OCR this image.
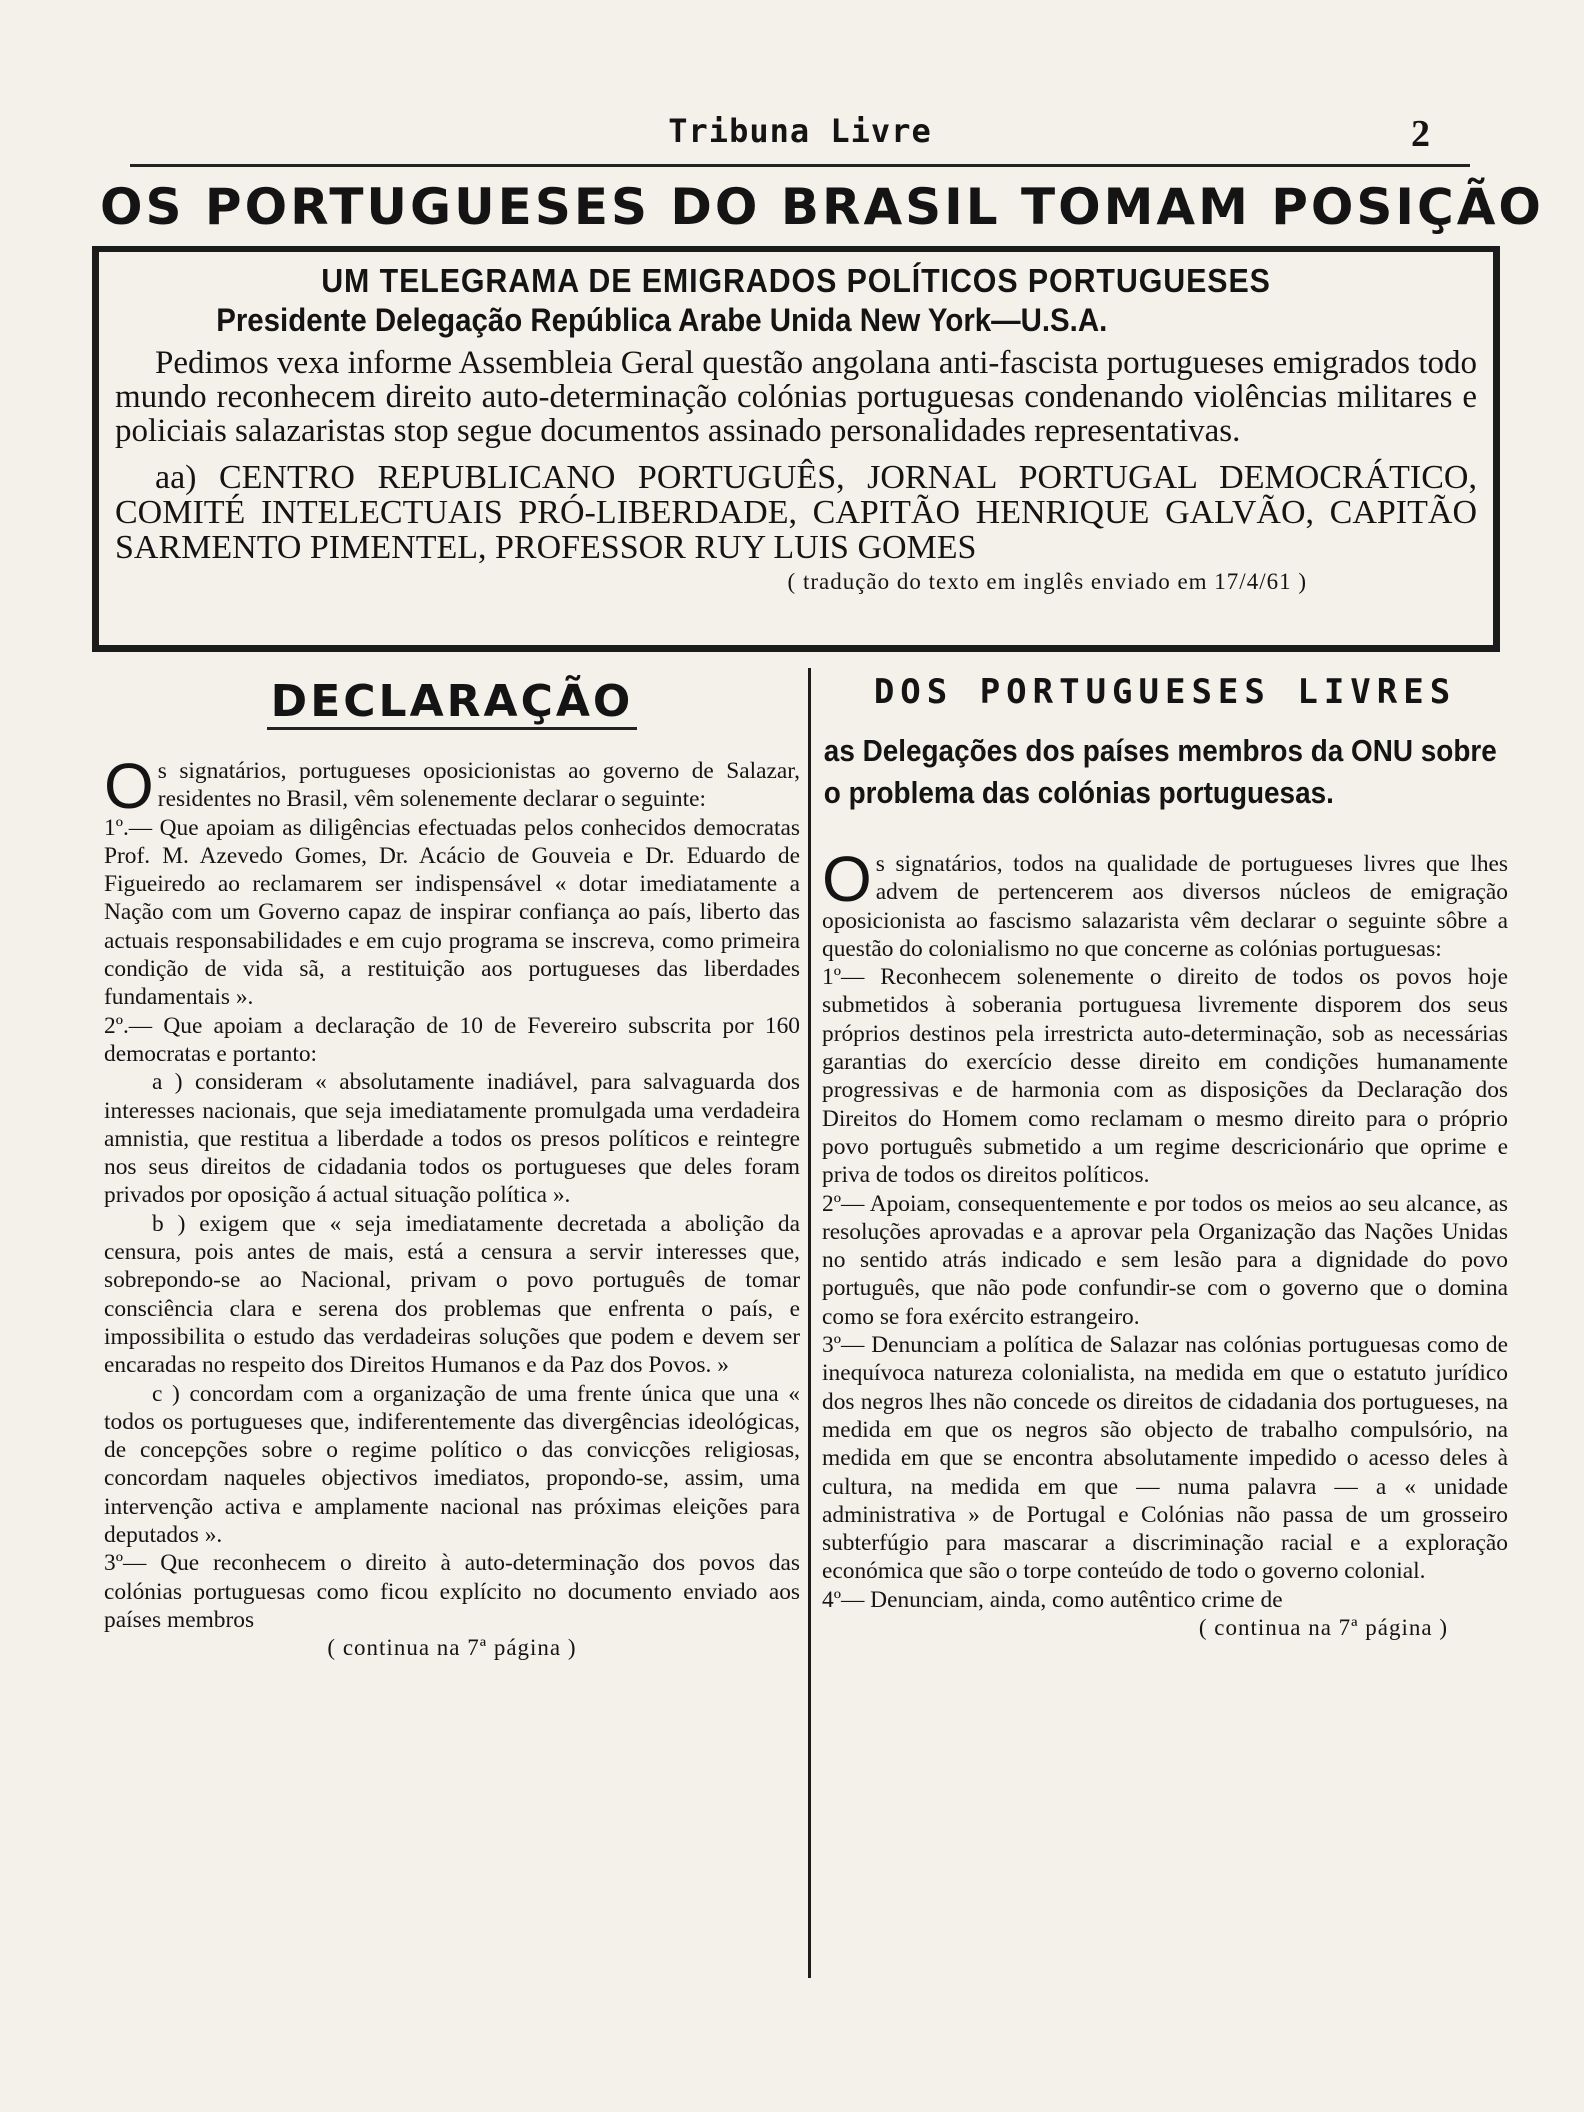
Tribuna Livre	2
OS PORTUGUESES DO BRASIL TOMAM POSIÇÃO
UM TELEGRAMA DE EMIGRADOS POLÍTICOS PORTUGUESES
Presidente Delegação República Arabe Unida New York—U.S.A.
Pedimos vexa informe Assembleia Geral questão angolana anti-fascista portugueses emigrados todo mundo reconhecem direito auto-determinação colónias portuguesas condenando violências militares e policiais salazaristas stop segue documentos assinado personalidades representativas.
aa) CENTRO REPUBLICANO PORTUGUÊS, JORNAL PORTUGAL DEMOCRÁTICO, COMITÉ INTELECTUAIS PRÓ-LIBERDADE, CAPITÃO HENRIQUE GALVÃO, CAPITÃO SARMENTO PIMENTEL, PROFESSOR RUY LUIS GOMES
( tradução do texto em inglês enviado em 17/4/61 )
DECLARAÇÃO

Os signatários, portugueses oposicionistas ao governo de Salazar, residentes no Brasil, vêm solenemente declarar o seguinte:

1º.— Que apoiam as diligências efectuadas pelos conhecidos democratas Prof. M. Azevedo Gomes, Dr. Acácio de Gouveia e Dr. Eduardo de Figueiredo ao reclamarem ser indispensável « dotar imediatamente a Nação com um Governo capaz de inspirar confiança ao país, liberto das actuais responsabilidades e em cujo programa se inscreva, como primeira condição de vida sã, a restituição aos portugueses das liberdades fundamentais ».

2º.— Que apoiam a declaração de 10 de Fevereiro subscrita por 160 democratas e portanto:

a ) consideram « absolutamente inadiável, para salvaguarda dos interesses nacionais, que seja imediatamente promulgada uma verdadeira amnistia, que restitua a liberdade a todos os presos políticos e reintegre nos seus direitos de cidadania todos os portugueses que deles foram privados por oposição á actual situação política ».

b ) exigem que « seja imediatamente decretada a abolição da censura, pois antes de mais, está a censura a servir interesses que, sobrepondo-se ao Nacional, privam o povo português de tomar consciência clara e serena dos problemas que enfrenta o país, e impossibilita o estudo das verdadeiras soluções que podem e devem ser encaradas no respeito dos Direitos Humanos e da Paz dos Povos. »

c ) concordam com a organização de uma frente única que una « todos os portugueses que, indiferentemente das divergências ideológicas, de concepções sobre o regime político o das convicções religiosas, concordam naqueles objectivos imediatos, propondo-se, assim, uma intervenção activa e amplamente nacional nas próximas eleições para deputados ».

3º— Que reconhecem o direito à auto-determinação dos povos das colónias portuguesas como ficou explícito no documento enviado aos países membros

( continua na 7ª página )

DOS PORTUGUESES LIVRES
as Delegações dos países membros da ONU sobre o problema das colónias portuguesas.

Os signatários, todos na qualidade de portugueses livres que lhes advem de pertencerem aos diversos núcleos de emigração oposicionista ao fascismo salazarista vêm declarar o seguinte sôbre a questão do colonialismo no que concerne as colónias portuguesas:

1º— Reconhecem solenemente o direito de todos os povos hoje submetidos à soberania portuguesa livremente disporem dos seus próprios destinos pela irrestricta auto-determinação, sob as necessárias garantias do exercício desse direito em condições humanamente progressivas e de harmonia com as disposições da Declaração dos Direitos do Homem como reclamam o mesmo direito para o próprio povo português submetido a um regime descricionário que oprime e priva de todos os direitos políticos.

2º— Apoiam, consequentemente e por todos os meios ao seu alcance, as resoluções aprovadas e a aprovar pela Organização das Nações Unidas no sentido atrás indicado e sem lesão para a dignidade do povo português, que não pode confundir-se com o governo que o domina como se fora exército estrangeiro.

3º— Denunciam a política de Salazar nas colónias portuguesas como de inequívoca natureza colonialista, na medida em que o estatuto jurídico dos negros lhes não concede os direitos de cidadania dos portugueses, na medida em que os negros são objecto de trabalho compulsório, na medida em que se encontra absolutamente impedido o acesso deles à cultura, na medida em que — numa palavra — a « unidade administrativa » de Portugal e Colónias não passa de um grosseiro subterfúgio para mascarar a discriminação racial e a exploração económica que são o torpe conteúdo de todo o governo colonial.

4º— Denunciam, ainda, como autêntico crime de

( continua na 7ª página )
